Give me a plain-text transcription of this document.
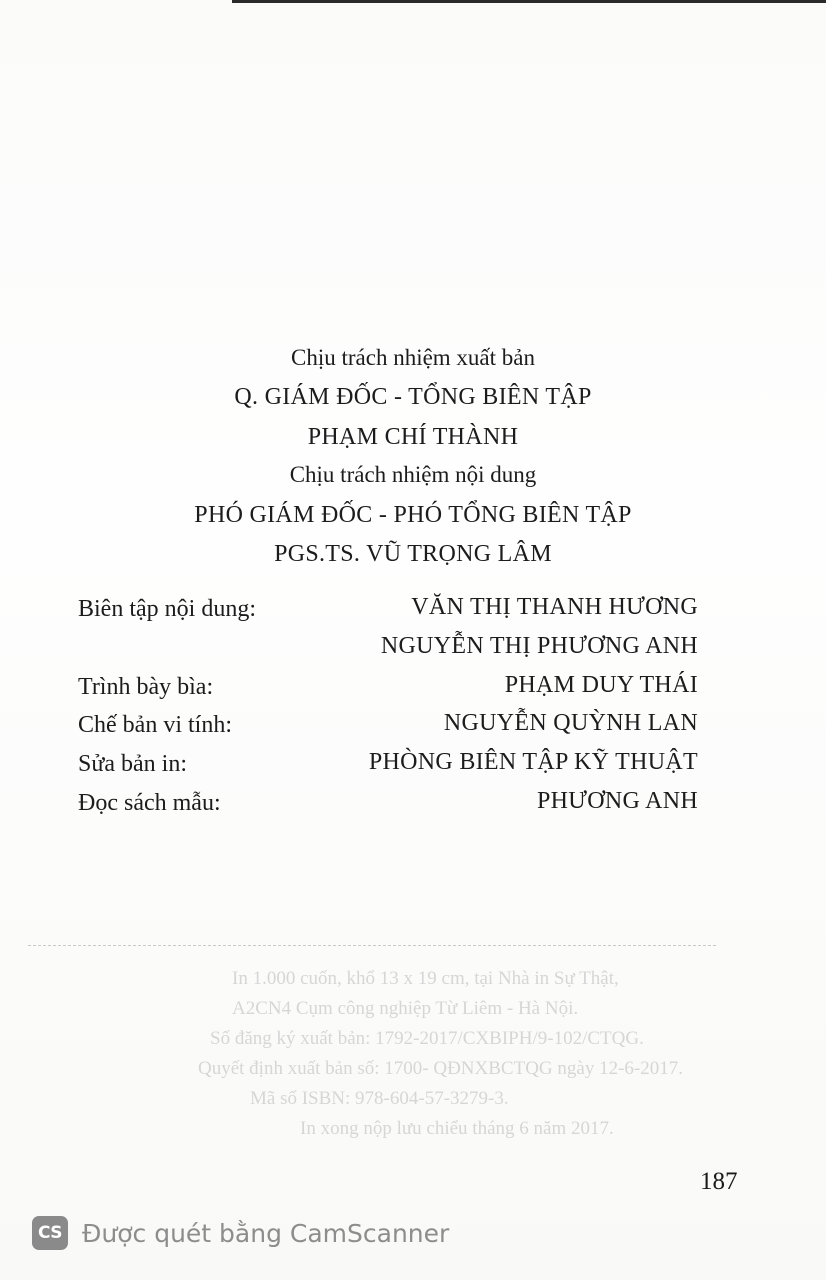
Chịu trách nhiệm xuất bản
Q. GIÁM ĐỐC - TỔNG BIÊN TẬP
PHẠM CHÍ THÀNH
Chịu trách nhiệm nội dung
PHÓ GIÁM ĐỐC - PHÓ TỔNG BIÊN TẬP
PGS.TS. VŨ TRỌNG LÂM
Biên tập nội dung:	VĂN THỊ THANH HƯƠNG
NGUYỄN THỊ PHƯƠNG ANH
Trình bày bìa:	PHẠM DUY THÁI
Chế bản vi tính:	NGUYỄN QUỲNH LAN
Sửa bản in:	PHÒNG BIÊN TẬP KỸ THUẬT
Đọc sách mẫu:	PHƯƠNG ANH
In 1.000 cuốn, khổ 13 x 19 cm, tại Nhà in Sự Thật,
A2CN4 Cụm công nghiệp Từ Liêm - Hà Nội.
Số đăng ký xuất bản: 1792-2017/CXBIPH/9-102/CTQG.
Quyết định xuất bản số: 1700- QĐNXBCTQG ngày 12-6-2017.
Mã số ISBN: 978-604-57-3279-3.
In xong nộp lưu chiểu tháng 6 năm 2017.
187
CS Được quét bằng CamScanner
